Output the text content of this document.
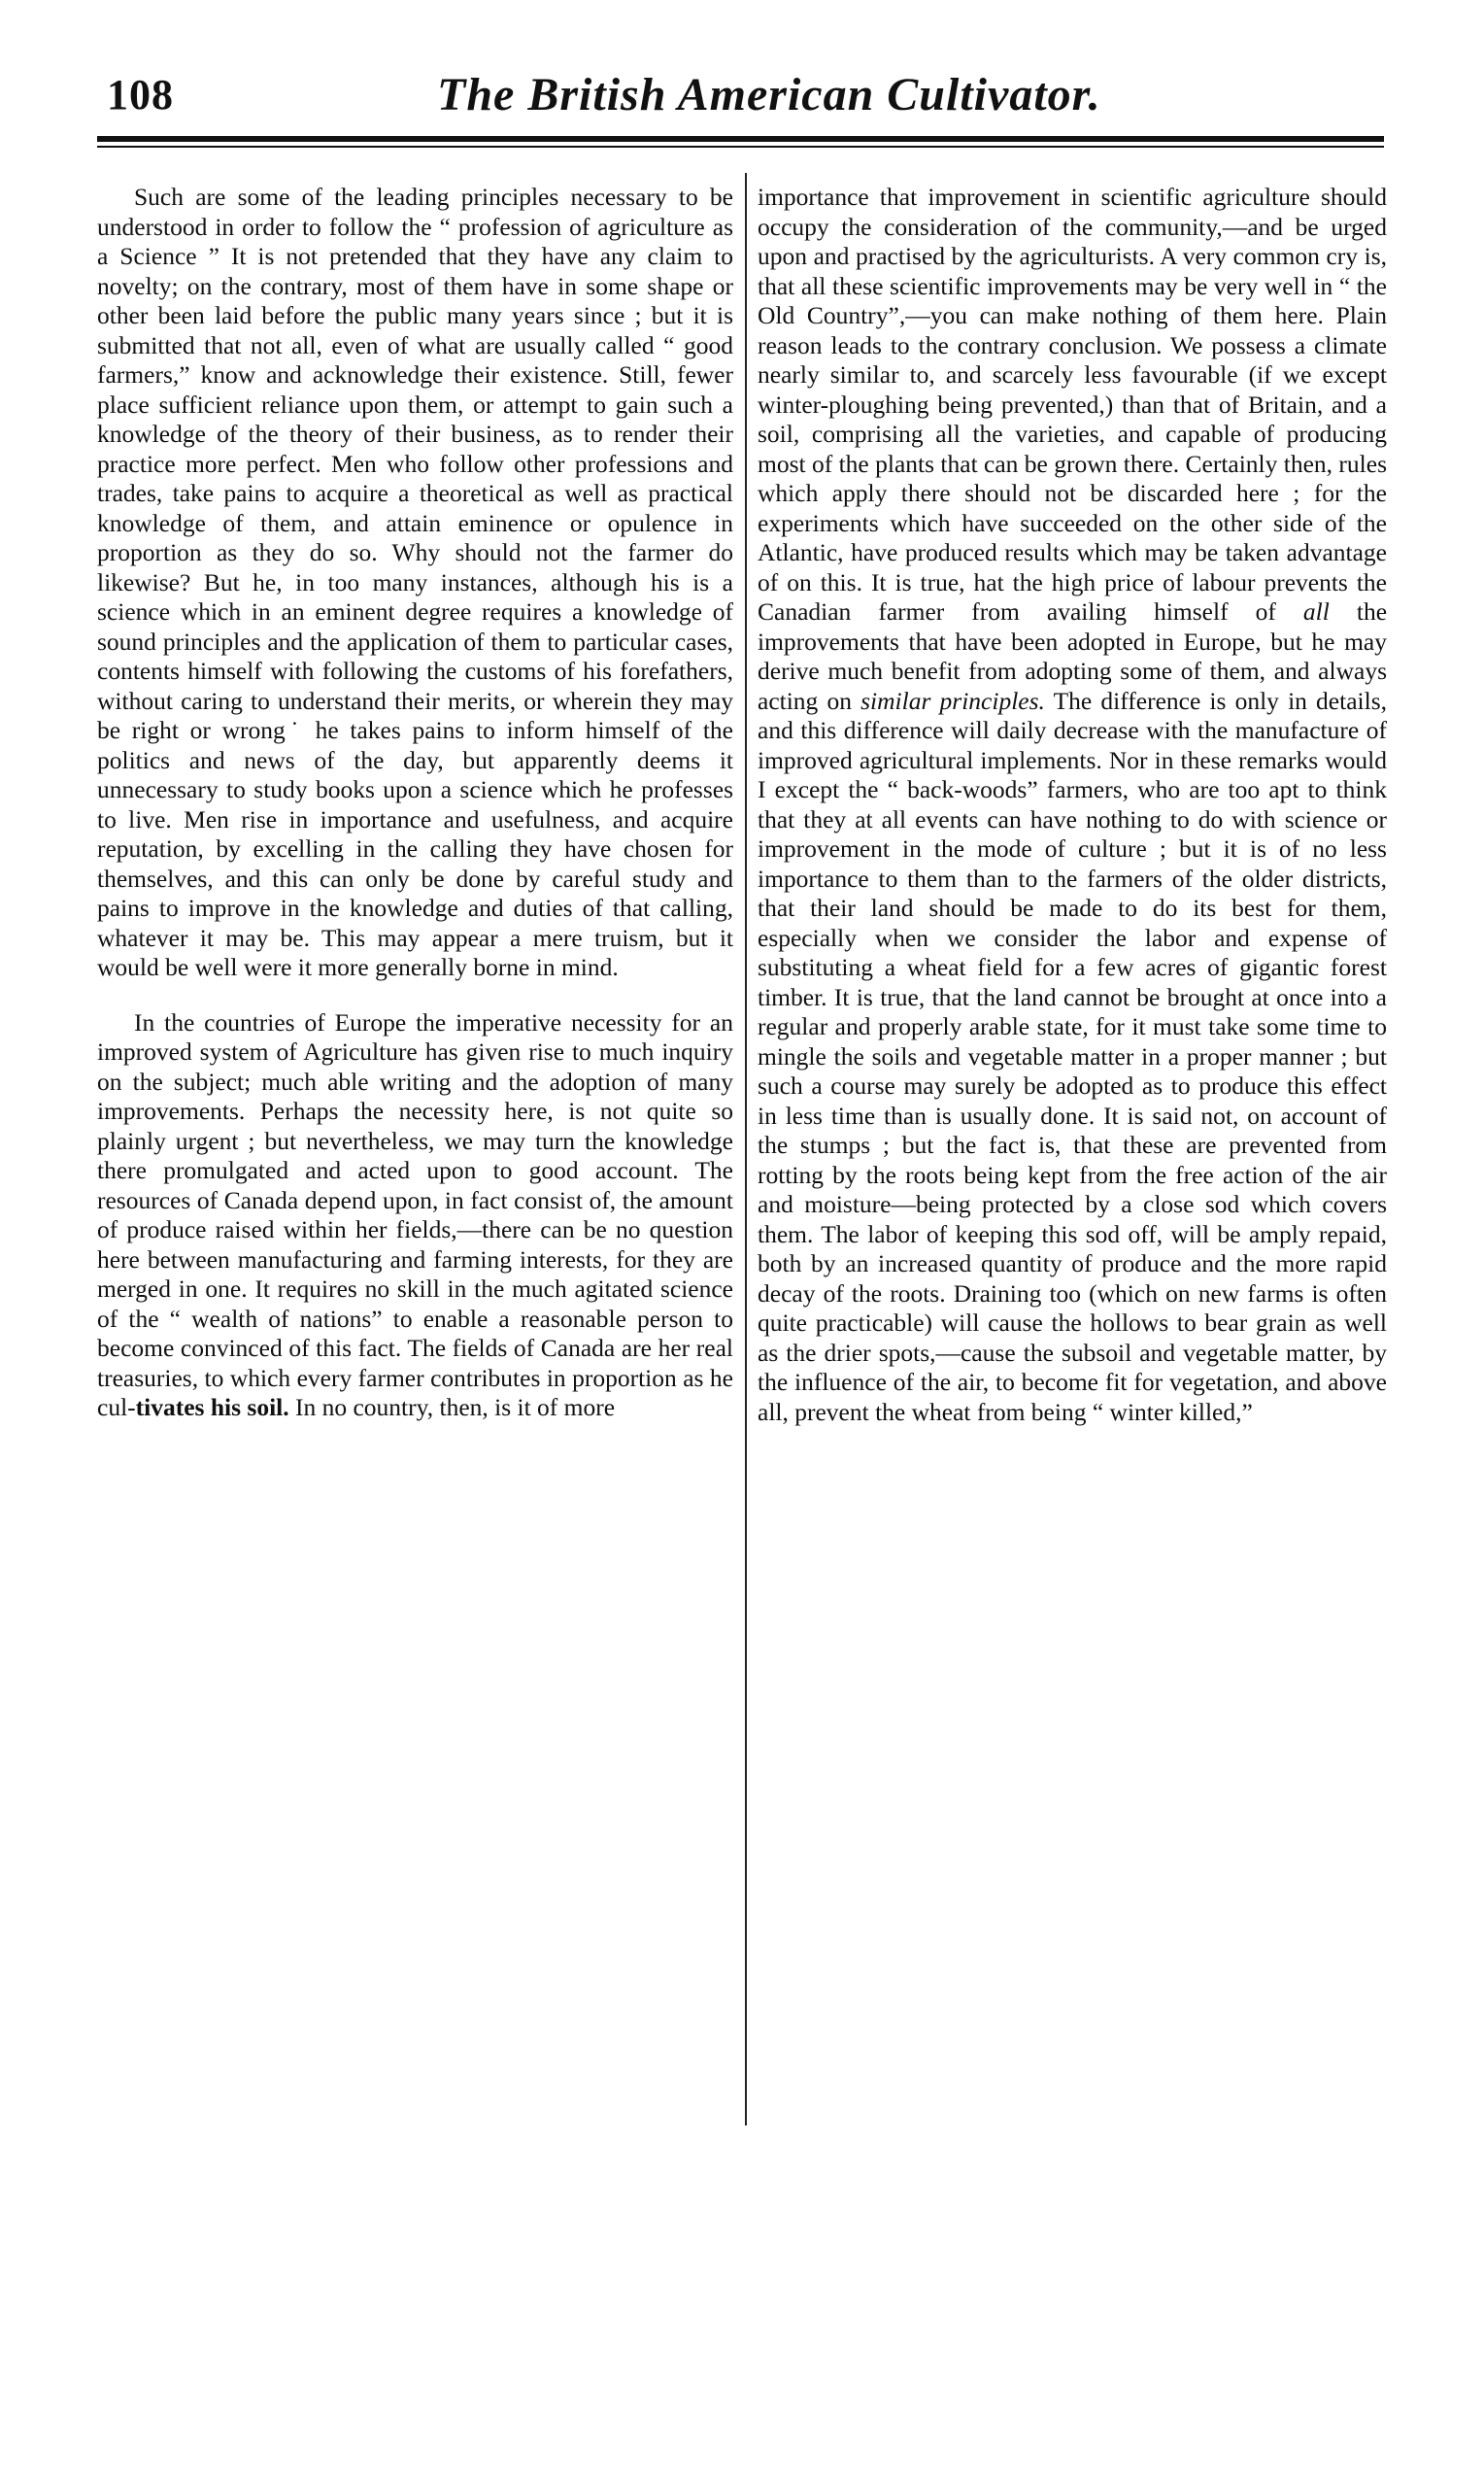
108	The British American Cultivator.

Such are some of the leading principles necessary to be understood in order to follow the “ profession of agriculture as a Science ” It is not pretended that they have any claim to novelty; on the contrary, most of them have in some shape or other been laid before the public many years since ; but it is submitted that not all, even of what are usually called “ good farmers,” know and acknowledge their existence. Still, fewer place sufficient reliance upon them, or attempt to gain such a knowledge of the theory of their business, as to render their practice more perfect. Men who follow other professions and trades, take pains to acquire a theoretical as well as practical knowledge of them, and attain eminence or opulence in proportion as they do so. Why should not the farmer do likewise? But he, in too many instances, although his is a science which in an eminent degree requires a knowledge of sound principles and the application of them to particular cases, contents himself with following the customs of his forefathers, without caring to understand their merits, or wherein they may be right or wrong˙ he takes pains to inform himself of the politics and news of the day, but apparently deems it unnecessary to study books upon a science which he professes to live. Men rise in importance and usefulness, and acquire reputation, by excelling in the calling they have chosen for themselves, and this can only be done by careful study and pains to improve in the knowledge and duties of that calling, whatever it may be. This may appear a mere truism, but it would be well were it more generally borne in mind.

In the countries of Europe the imperative necessity for an improved system of Agriculture has given rise to much inquiry on the subject; much able writing and the adoption of many improvements. Perhaps the necessity here, is not quite so plainly urgent ; but nevertheless, we may turn the knowledge there promulgated and acted upon to good account. The resources of Canada depend upon, in fact consist of, the amount of produce raised within her fields,—there can be no question here between manufacturing and farming interests, for they are merged in one. It requires no skill in the much agitated science of the “ wealth of nations” to enable a reasonable person to become convinced of this fact. The fields of Canada are her real treasuries, to which every farmer contributes in proportion as he cul-tivates his soil. In no country, then, is it of more

importance that improvement in scientific agriculture should occupy the consideration of the community,—and be urged upon and practised by the agriculturists. A very common cry is, that all these scientific improvements may be very well in “ the Old Country”,—you can make nothing of them here. Plain reason leads to the contrary conclusion. We possess a climate nearly similar to, and scarcely less favourable (if we except winter-ploughing being prevented,) than that of Britain, and a soil, comprising all the varieties, and capable of producing most of the plants that can be grown there. Certainly then, rules which apply there should not be discarded here ; for the experiments which have succeeded on the other side of the Atlantic, have produced results which may be taken advantage of on this. It is true, hat the high price of labour prevents the Canadian farmer from availing himself of all the improvements that have been adopted in Europe, but he may derive much benefit from adopting some of them, and always acting on similar principles. The difference is only in details, and this difference will daily decrease with the manufacture of improved agricultural implements. Nor in these remarks would I except the “ back-woods” farmers, who are too apt to think that they at all events can have nothing to do with science or improvement in the mode of culture ; but it is of no less importance to them than to the farmers of the older districts, that their land should be made to do its best for them, especially when we consider the labor and expense of substituting a wheat field for a few acres of gigantic forest timber. It is true, that the land cannot be brought at once into a regular and properly arable state, for it must take some time to mingle the soils and vegetable matter in a proper manner ; but such a course may surely be adopted as to produce this effect in less time than is usually done. It is said not, on account of the stumps ; but the fact is, that these are prevented from rotting by the roots being kept from the free action of the air and moisture—being protected by a close sod which covers them. The labor of keeping this sod off, will be amply repaid, both by an increased quantity of produce and the more rapid decay of the roots. Draining too (which on new farms is often quite practicable) will cause the hollows to bear grain as well as the drier spots,—cause the subsoil and vegetable matter, by the influence of the air, to become fit for vegetation, and above all, prevent the wheat from being “ winter killed,”
